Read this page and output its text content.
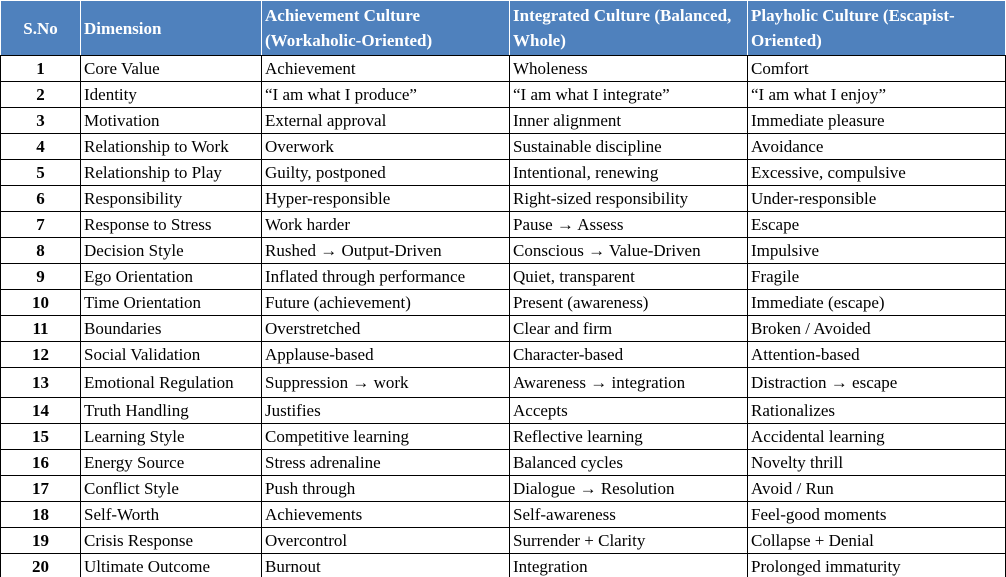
S.No	Dimension	Achievement Culture (Workaholic-Oriented)	Integrated Culture (Balanced, Whole)	Playholic Culture (Escapist-Oriented)
1	Core Value	Achievement	Wholeness	Comfort
2	Identity	“I am what I produce”	“I am what I integrate”	“I am what I enjoy”
3	Motivation	External approval	Inner alignment	Immediate pleasure
4	Relationship to Work	Overwork	Sustainable discipline	Avoidance
5	Relationship to Play	Guilty, postponed	Intentional, renewing	Excessive, compulsive
6	Responsibility	Hyper-responsible	Right-sized responsibility	Under-responsible
7	Response to Stress	Work harder	Pause → Assess	Escape
8	Decision Style	Rushed → Output-Driven	Conscious → Value-Driven	Impulsive
9	Ego Orientation	Inflated through performance	Quiet, transparent	Fragile
10	Time Orientation	Future (achievement)	Present (awareness)	Immediate (escape)
11	Boundaries	Overstretched	Clear and firm	Broken / Avoided
12	Social Validation	Applause-based	Character-based	Attention-based
13	Emotional Regulation	Suppression → work	Awareness → integration	Distraction → escape
14	Truth Handling	Justifies	Accepts	Rationalizes
15	Learning Style	Competitive learning	Reflective learning	Accidental learning
16	Energy Source	Stress adrenaline	Balanced cycles	Novelty thrill
17	Conflict Style	Push through	Dialogue → Resolution	Avoid / Run
18	Self-Worth	Achievements	Self-awareness	Feel-good moments
19	Crisis Response	Overcontrol	Surrender + Clarity	Collapse + Denial
20	Ultimate Outcome	Burnout	Integration	Prolonged immaturity
